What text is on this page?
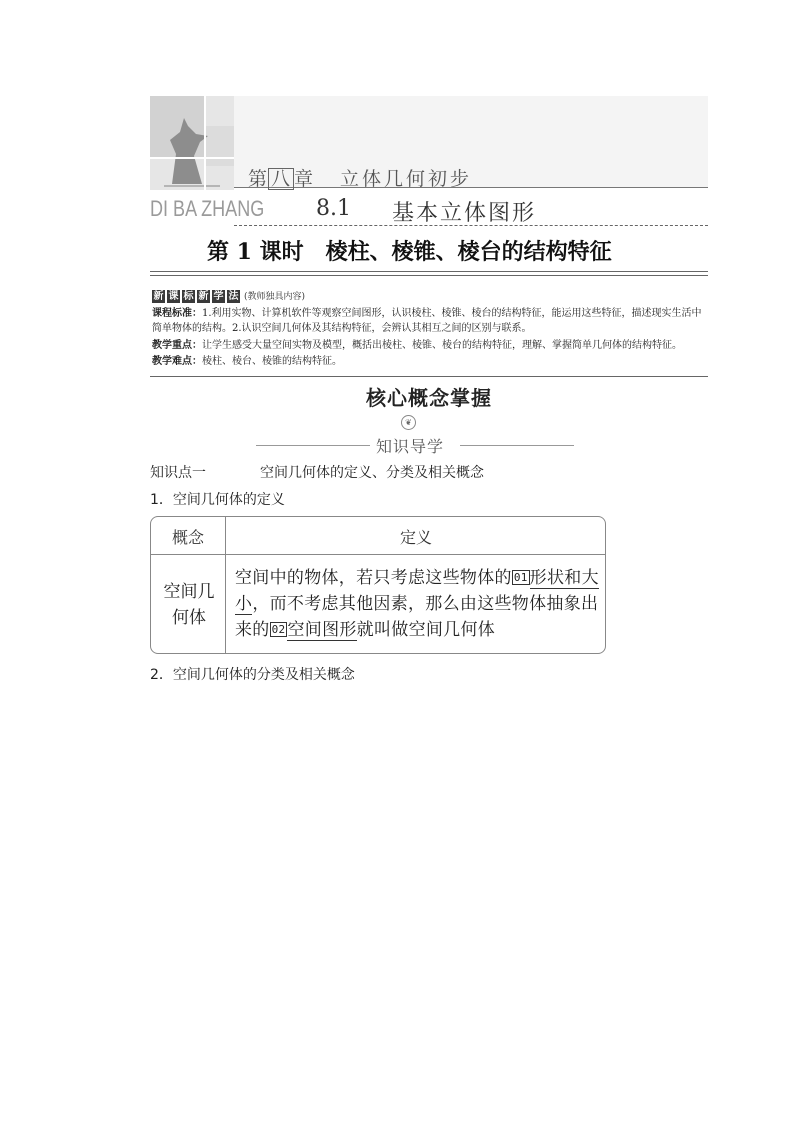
第 八 章 立体几何初步
DI BA ZHANG 8.1 基本立体图形
第 1 课时　棱柱、棱锥、棱台的结构特征
新 课 标 新 学 法 (教师独具内容)
课程标准：1.利用实物、计算机软件等观察空间图形，认识棱柱、棱锥、棱台的结构特征，能运用这些特征，描述现实生活中简单物体的结构。2.认识空间几何体及其结构特征，会辨认其相互之间的区别与联系。
教学重点：让学生感受大量空间实物及模型，概括出棱柱、棱锥、棱台的结构特征，理解、掌握简单几何体的结构特征。
教学难点：棱柱、棱台、棱锥的结构特征。
核心概念掌握
❦
知识导学
知识点一	空间几何体的定义、分类及相关概念
1．空间几何体的定义
概念	定义
空间几何体
空间中的物体，若只考虑这些物体的 01 形状和大小，而不考虑其他因素，那么由这些物体抽象出来的 02 空间图形就叫做空间几何体
2．空间几何体的分类及相关概念
